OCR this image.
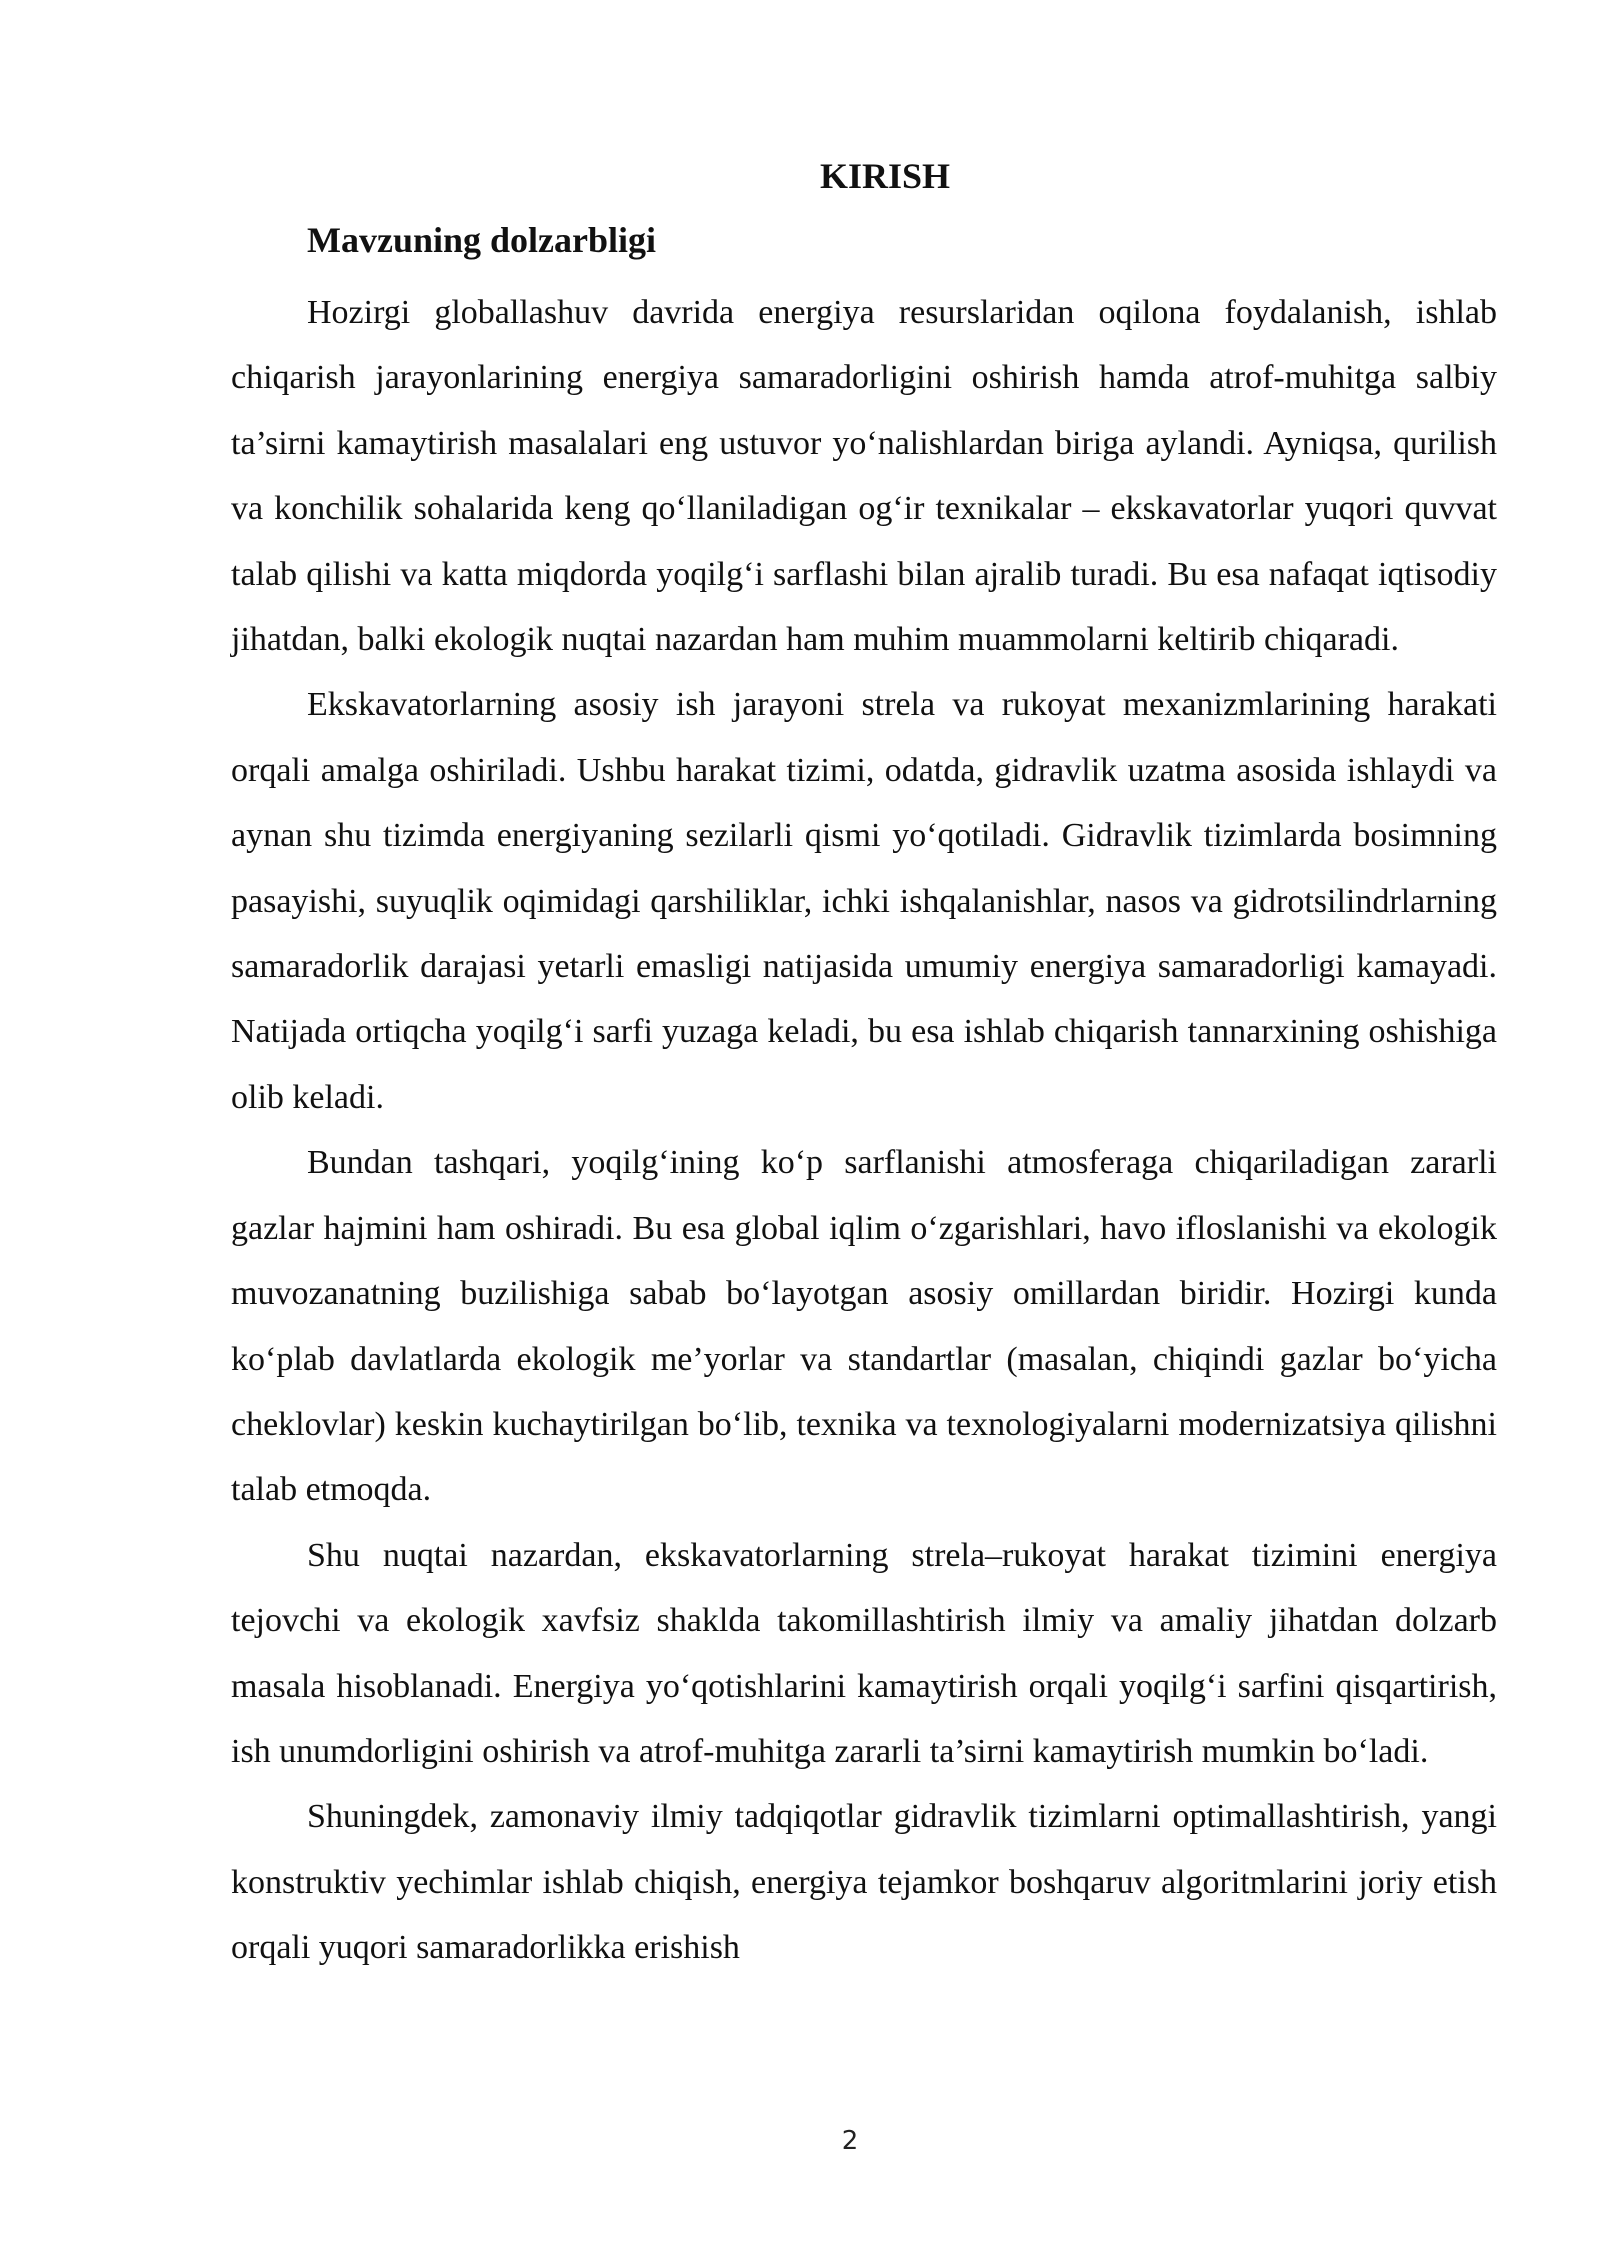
KIRISH
Mavzuning dolzarbligi

Hozirgi globallashuv davrida energiya resurslaridan oqilona foydalanish, ishlab chiqarish jarayonlarining energiya samaradorligini oshirish hamda atrof-muhitga salbiy ta’sirni kamaytirish masalalari eng ustuvor yo‘nalishlardan biriga aylandi. Ayniqsa, qurilish va konchilik sohalarida keng qo‘llaniladigan og‘ir texnikalar – ekskavatorlar yuqori quvvat talab qilishi va katta miqdorda yoqilg‘i sarflashi bilan ajralib turadi. Bu esa nafaqat iqtisodiy jihatdan, balki ekologik nuqtai nazardan ham muhim muammolarni keltirib chiqaradi.

Ekskavatorlarning asosiy ish jarayoni strela va rukoyat mexanizmlarining harakati orqali amalga oshiriladi. Ushbu harakat tizimi, odatda, gidravlik uzatma asosida ishlaydi va aynan shu tizimda energiyaning sezilarli qismi yo‘qotiladi. Gidravlik tizimlarda bosimning pasayishi, suyuqlik oqimidagi qarshiliklar, ichki ishqalanishlar, nasos va gidrotsilindrlarning samaradorlik darajasi yetarli emasligi natijasida umumiy energiya samaradorligi kamayadi. Natijada ortiqcha yoqilg‘i sarfi yuzaga keladi, bu esa ishlab chiqarish tannarxining oshishiga olib keladi.

Bundan tashqari, yoqilg‘ining ko‘p sarflanishi atmosferaga chiqariladigan zararli gazlar hajmini ham oshiradi. Bu esa global iqlim o‘zgarishlari, havo ifloslanishi va ekologik muvozanatning buzilishiga sabab bo‘layotgan asosiy omillardan biridir. Hozirgi kunda ko‘plab davlatlarda ekologik me’yorlar va standartlar (masalan, chiqindi gazlar bo‘yicha cheklovlar) keskin kuchaytirilgan bo‘lib, texnika va texnologiyalarni modernizatsiya qilishni talab etmoqda.

Shu nuqtai nazardan, ekskavatorlarning strela–rukoyat harakat tizimini energiya tejovchi va ekologik xavfsiz shaklda takomillashtirish ilmiy va amaliy jihatdan dolzarb masala hisoblanadi. Energiya yo‘qotishlarini kamaytirish orqali yoqilg‘i sarfini qisqartirish, ish unumdorligini oshirish va atrof-muhitga zararli ta’sirni kamaytirish mumkin bo‘ladi.

Shuningdek, zamonaviy ilmiy tadqiqotlar gidravlik tizimlarni optimallashtirish, yangi konstruktiv yechimlar ishlab chiqish, energiya tejamkor boshqaruv algoritmlarini joriy etish orqali yuqori samaradorlikka erishish

2
